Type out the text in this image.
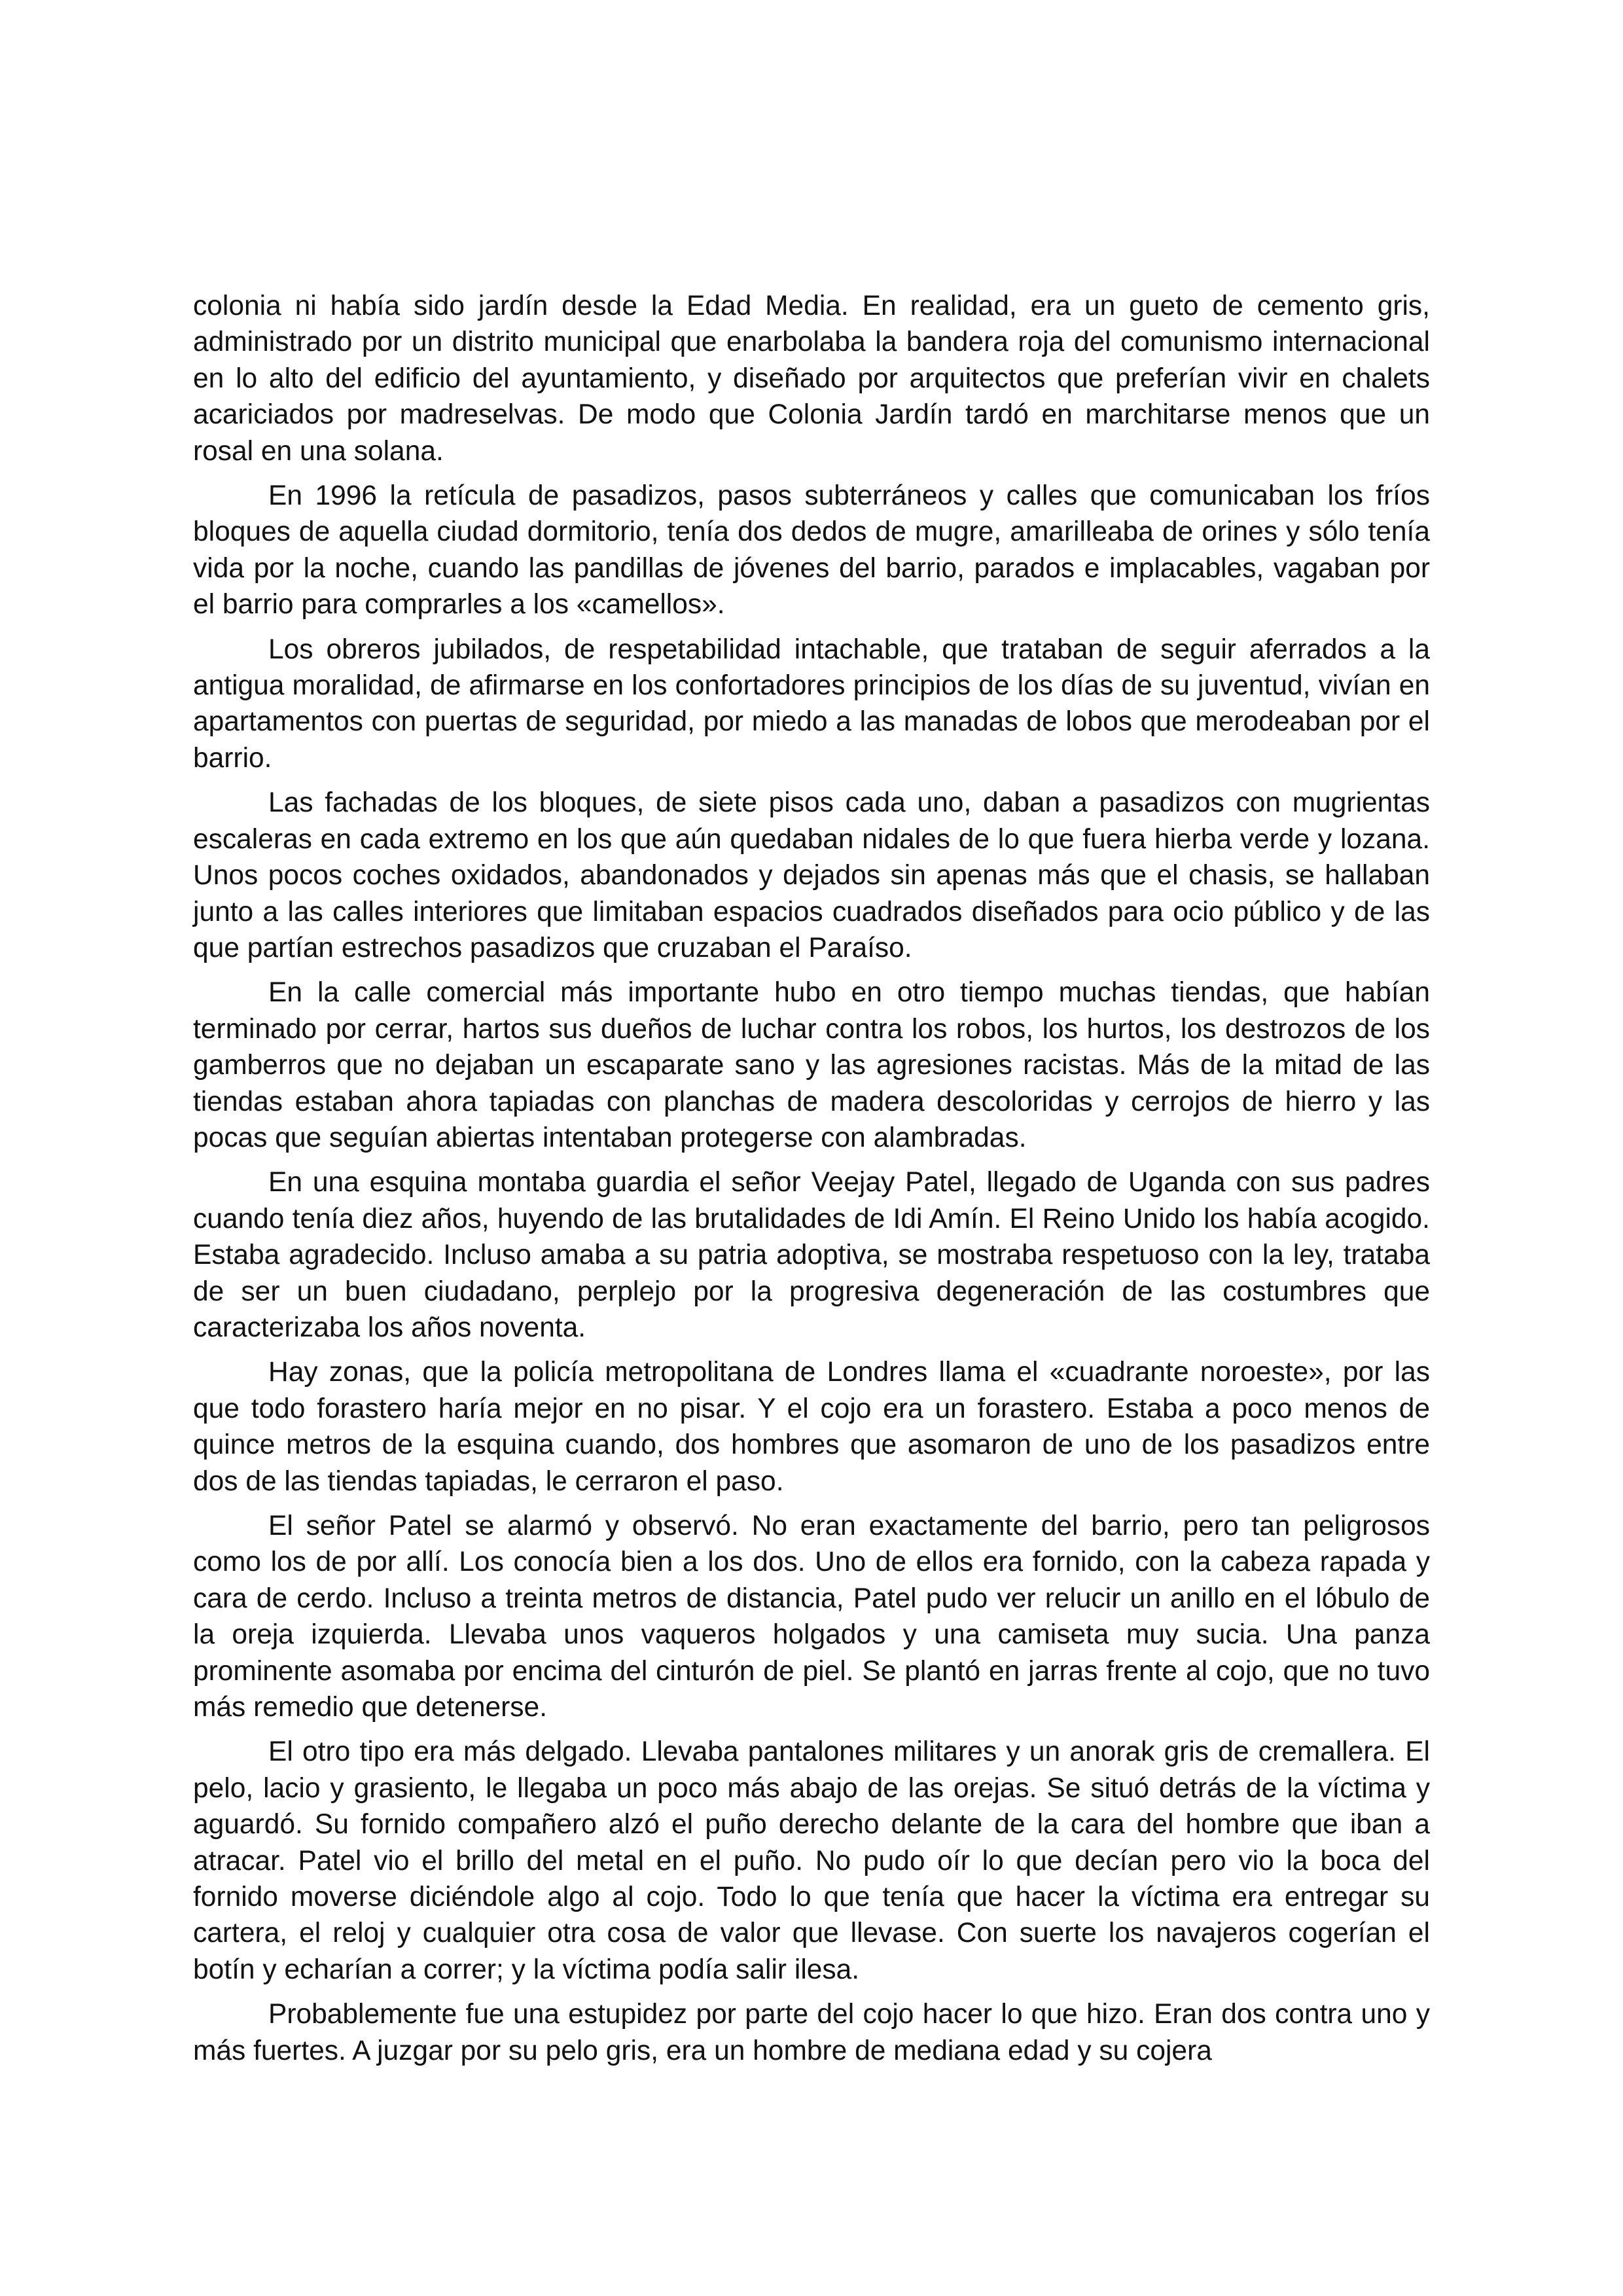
colonia ni había sido jardín desde la Edad Media. En realidad, era un gueto de cemento gris, administrado por un distrito municipal que enarbolaba la bandera roja del comunismo internacional en lo alto del edificio del ayuntamiento, y diseñado por arquitectos que preferían vivir en chalets acariciados por madreselvas. De modo que Colonia Jardín tardó en marchitarse menos que un rosal en una solana.

En 1996 la retícula de pasadizos, pasos subterráneos y calles que comunicaban los fríos bloques de aquella ciudad dormitorio, tenía dos dedos de mugre, amarilleaba de orines y sólo tenía vida por la noche, cuando las pandillas de jóvenes del barrio, parados e implacables, vagaban por el barrio para comprarles a los «camellos».

Los obreros jubilados, de respetabilidad intachable, que trataban de seguir aferrados a la antigua moralidad, de afirmarse en los confortadores principios de los días de su juventud, vivían en apartamentos con puertas de seguridad, por miedo a las manadas de lobos que merodeaban por el barrio.

Las fachadas de los bloques, de siete pisos cada uno, daban a pasadizos con mugrientas escaleras en cada extremo en los que aún quedaban nidales de lo que fuera hierba verde y lozana. Unos pocos coches oxidados, abandonados y dejados sin apenas más que el chasis, se hallaban junto a las calles interiores que limitaban espacios cuadrados diseñados para ocio público y de las que partían estrechos pasadizos que cruzaban el Paraíso.

En la calle comercial más importante hubo en otro tiempo muchas tiendas, que habían terminado por cerrar, hartos sus dueños de luchar contra los robos, los hurtos, los destrozos de los gamberros que no dejaban un escaparate sano y las agresiones racistas. Más de la mitad de las tiendas estaban ahora tapiadas con planchas de madera descoloridas y cerrojos de hierro y las pocas que seguían abiertas intentaban protegerse con alambradas.

En una esquina montaba guardia el señor Veejay Patel, llegado de Uganda con sus padres cuando tenía diez años, huyendo de las brutalidades de Idi Amín. El Reino Unido los había acogido. Estaba agradecido. Incluso amaba a su patria adoptiva, se mostraba respetuoso con la ley, trataba de ser un buen ciudadano, perplejo por la progresiva degeneración de las costumbres que caracterizaba los años noventa.

Hay zonas, que la policía metropolitana de Londres llama el «cuadrante noroeste», por las que todo forastero haría mejor en no pisar. Y el cojo era un forastero. Estaba a poco menos de quince metros de la esquina cuando, dos hombres que asomaron de uno de los pasadizos entre dos de las tiendas tapiadas, le cerraron el paso.

El señor Patel se alarmó y observó. No eran exactamente del barrio, pero tan peligrosos como los de por allí. Los conocía bien a los dos. Uno de ellos era fornido, con la cabeza rapada y cara de cerdo. Incluso a treinta metros de distancia, Patel pudo ver relucir un anillo en el lóbulo de la oreja izquierda. Llevaba unos vaqueros holgados y una camiseta muy sucia. Una panza prominente asomaba por encima del cinturón de piel. Se plantó en jarras frente al cojo, que no tuvo más remedio que detenerse.

El otro tipo era más delgado. Llevaba pantalones militares y un anorak gris de cremallera. El pelo, lacio y grasiento, le llegaba un poco más abajo de las orejas. Se situó detrás de la víctima y aguardó. Su fornido compañero alzó el puño derecho delante de la cara del hombre que iban a atracar. Patel vio el brillo del metal en el puño. No pudo oír lo que decían pero vio la boca del fornido moverse diciéndole algo al cojo. Todo lo que tenía que hacer la víctima era entregar su cartera, el reloj y cualquier otra cosa de valor que llevase. Con suerte los navajeros cogerían el botín y echarían a correr; y la víctima podía salir ilesa.

Probablemente fue una estupidez por parte del cojo hacer lo que hizo. Eran dos contra uno y más fuertes. A juzgar por su pelo gris, era un hombre de mediana edad y su cojera
